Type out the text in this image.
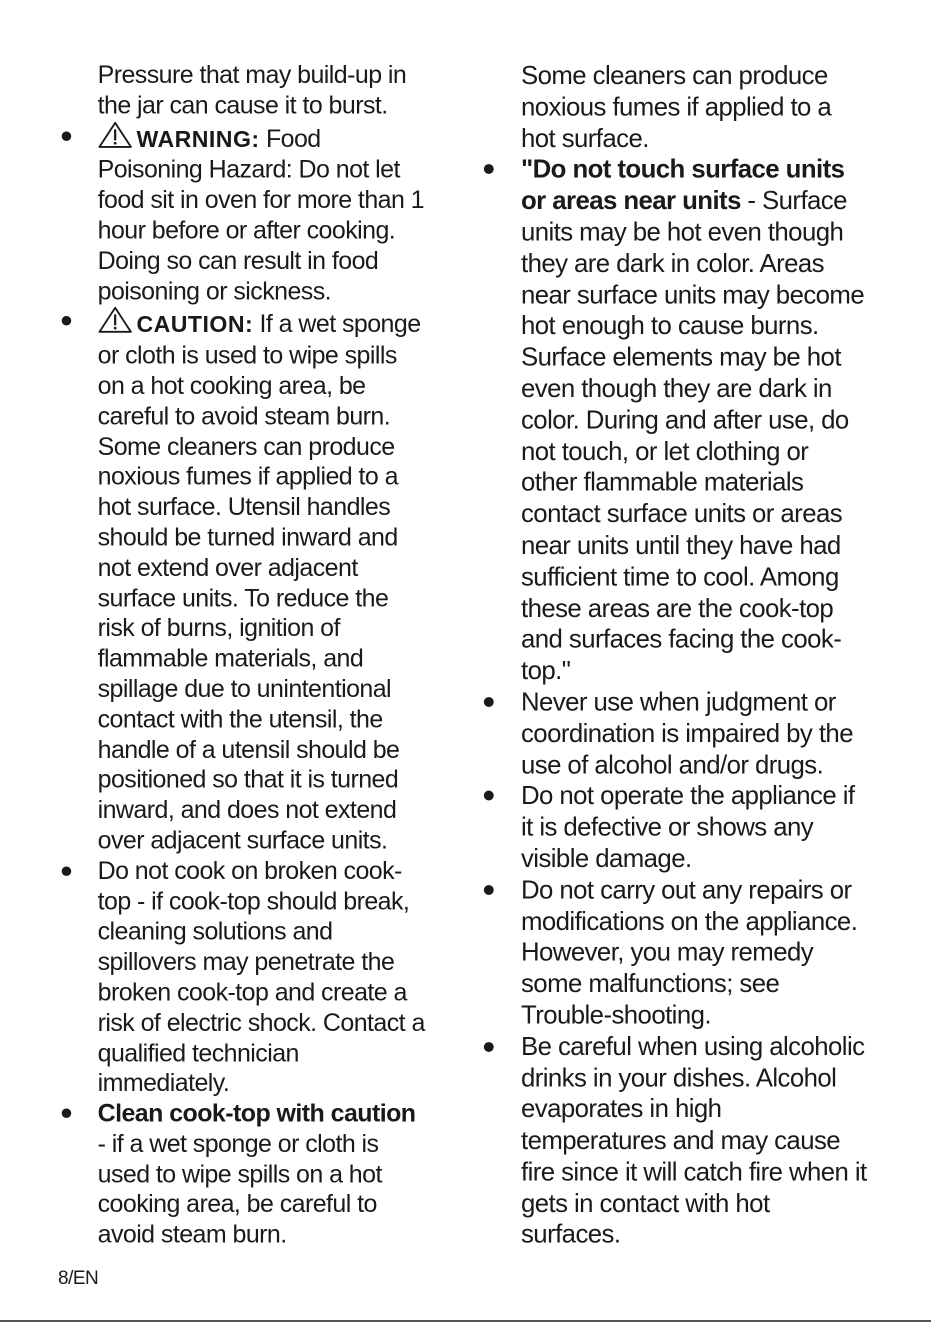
Pressure that may build-up in the jar can cause it to burst.

●	WARNING: Food Poisoning Hazard: Do not let food sit in oven for more than 1 hour before or after cooking. Doing so can result in food poisoning or sickness.
●	CAUTION: If a wet sponge or cloth is used to wipe spills on a hot cooking area, be careful to avoid steam burn. Some cleaners can produce noxious fumes if applied to a hot surface. Utensil handles should be turned inward and not extend over adjacent surface units. To reduce the risk of burns, ignition of flammable materials, and spillage due to unintentional contact with the utensil, the handle of a utensil should be positioned so that it is turned inward, and does not extend over adjacent surface units.
● Do not cook on broken cook-top - if cook-top should break, cleaning solutions and spillovers may penetrate the broken cook-top and create a risk of electric shock. Contact a qualified technician immediately.
● Clean cook-top with caution - if a wet sponge or cloth is used to wipe spills on a hot cooking area, be careful to avoid steam burn.

Some cleaners can produce noxious fumes if applied to a hot surface.

● "Do not touch surface units or areas near units - Surface units may be hot even though they are dark in color. Areas near surface units may become hot enough to cause burns. Surface elements may be hot even though they are dark in color. During and after use, do not touch, or let clothing or other flammable materials contact surface units or areas near units until they have had sufficient time to cool. Among these areas are the cook-top and surfaces facing the cook-top."
● Never use when judgment or coordination is impaired by the use of alcohol and/or drugs.
● Do not operate the appliance if it is defective or shows any visible damage.
● Do not carry out any repairs or modifications on the appliance. However, you may remedy some malfunctions; see Trouble-shooting.
● Be careful when using alcoholic drinks in your dishes. Alcohol evaporates in high temperatures and may cause fire since it will catch fire when it gets in contact with hot surfaces.
8/EN
